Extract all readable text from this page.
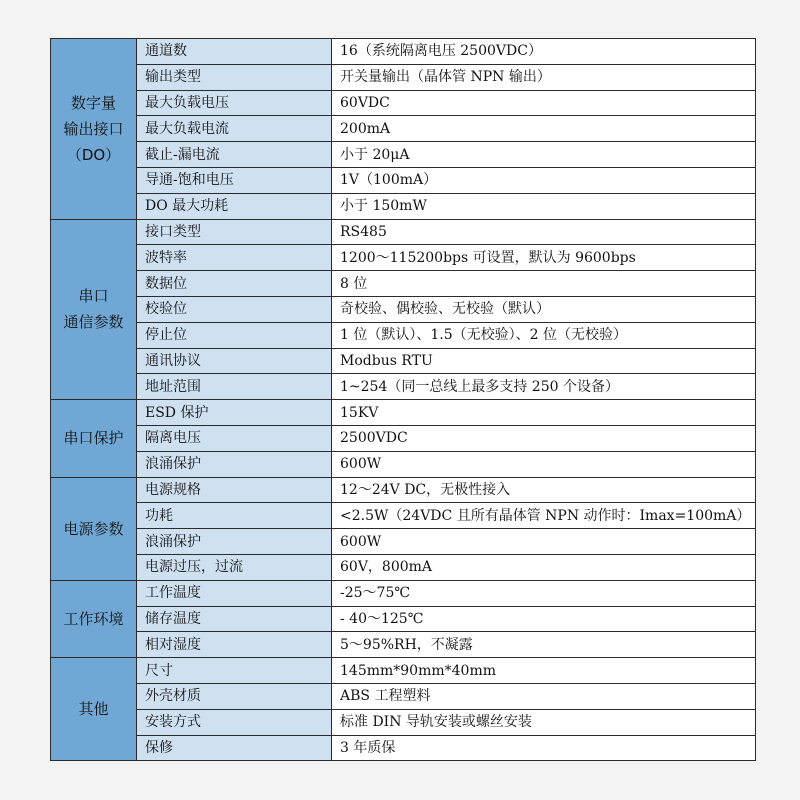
数字量
输出接口
（DO）	通道数	16（系统隔离电压 2500VDC）
	输出类型	开关量输出（晶体管 NPN 输出）
	最大负载电压	60VDC
	最大负载电流	200mA
	截止-漏电流	小于 20μA
	导通-饱和电压	1V（100mA）
	DO 最大功耗	小于 150mW

串口
通信参数	接口类型	RS485
	波特率	1200～115200bps 可设置，默认为 9600bps
	数据位	8 位
	校验位	奇校验、偶校验、无校验（默认）
	停止位	1 位（默认）、1.5（无校验）、2 位（无校验）
	通讯协议	Modbus RTU
	地址范围	1~254（同一总线上最多支持 250 个设备）

串口保护	ESD 保护	15KV
	隔离电压	2500VDC
	浪涌保护	600W

电源参数	电源规格	12～24V DC，无极性接入
	功耗	<2.5W（24VDC 且所有晶体管 NPN 动作时：Imax=100mA）
	浪涌保护	600W
	电源过压，过流	60V，800mA

工作环境	工作温度	-25～75℃
	储存温度	- 40～125℃
	相对湿度	5～95%RH，不凝露

其他	尺寸	145mm*90mm*40mm
	外壳材质	ABS 工程塑料
	安装方式	标准 DIN 导轨安装或螺丝安装
	保修	3 年质保
